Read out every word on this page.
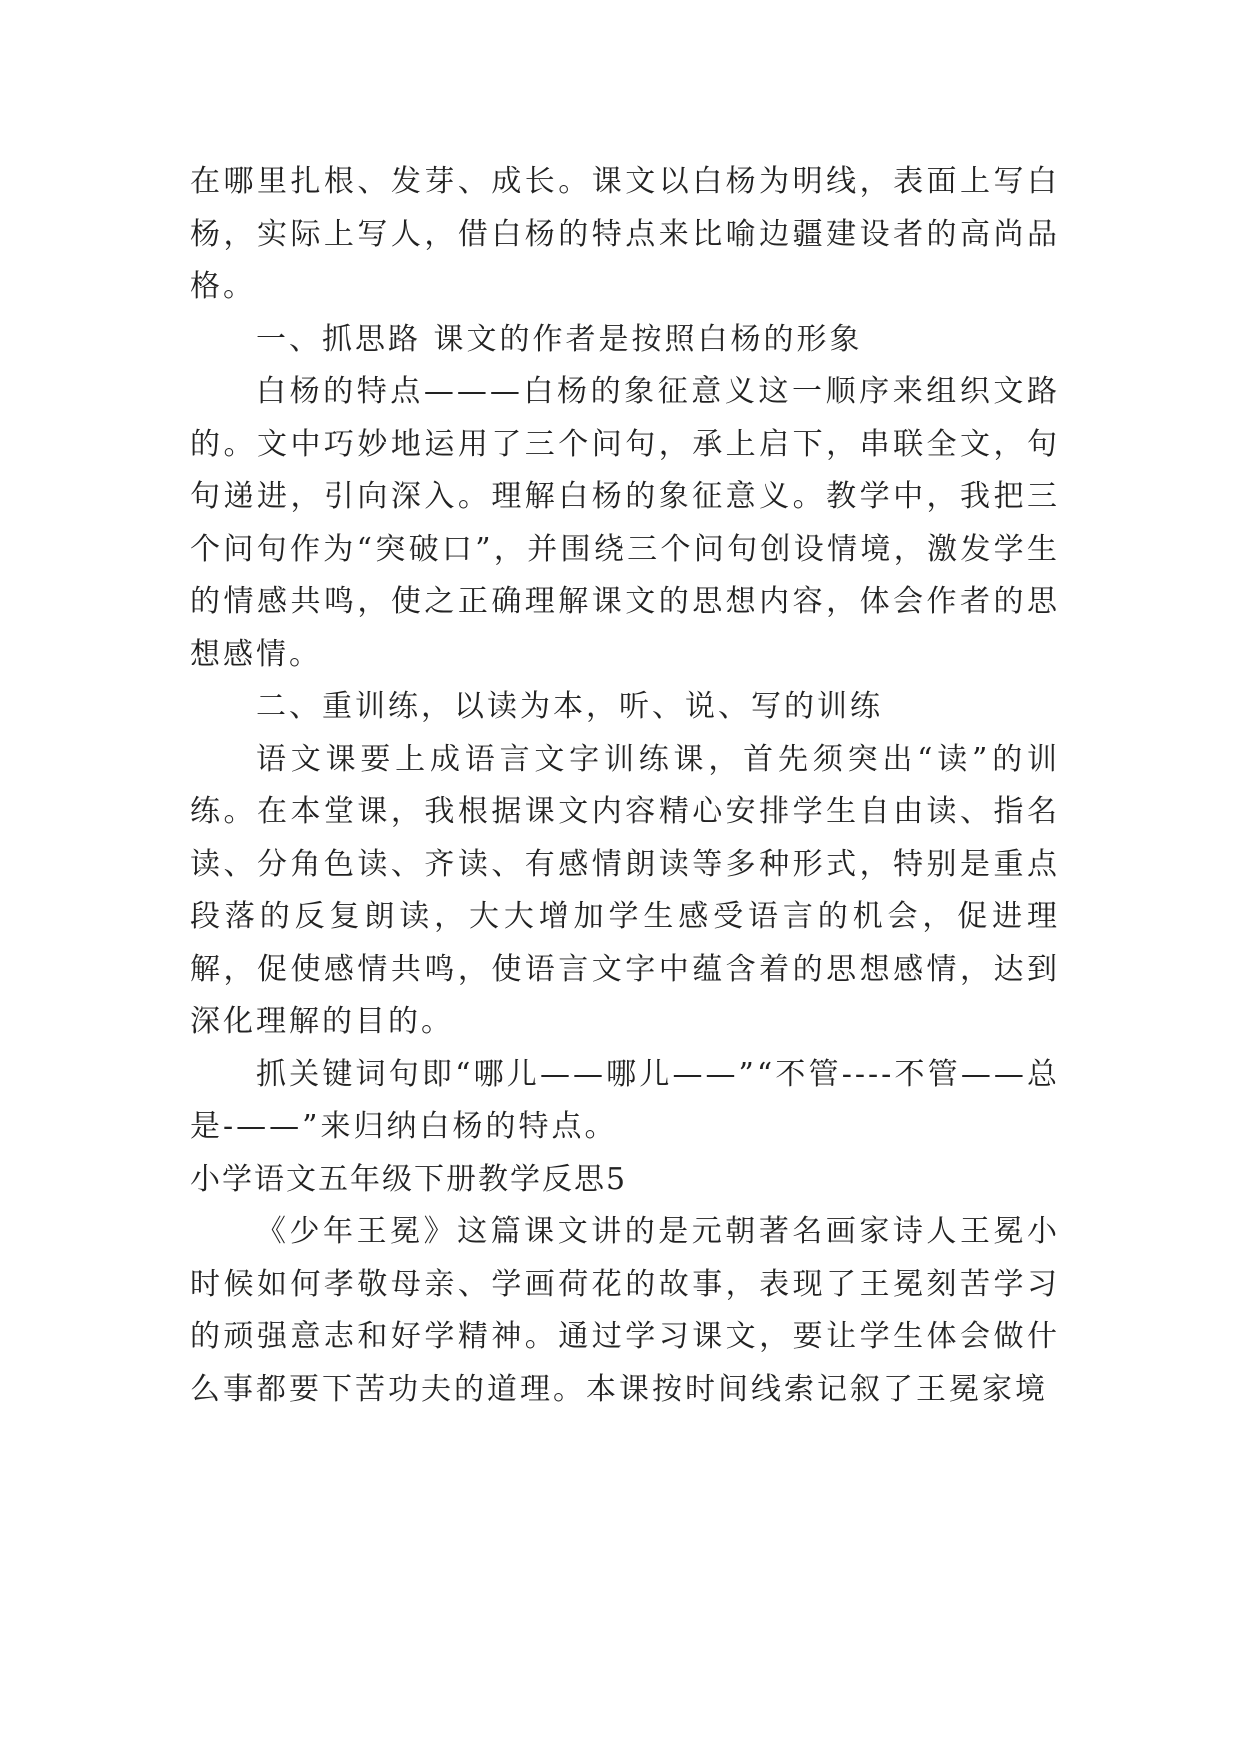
在哪里扎根、发芽、成长。课文以白杨为明线，表面上写白杨，实际上写人，借白杨的特点来比喻边疆建设者的高尚品格。

一、抓思路 课文的作者是按照白杨的形象

白杨的特点———白杨的象征意义这一顺序来组织文路的。文中巧妙地运用了三个问句，承上启下，串联全文，句句递进，引向深入。理解白杨的象征意义。教学中，我把三个问句作为“突破口”，并围绕三个问句创设情境，激发学生的情感共鸣，使之正确理解课文的思想内容，体会作者的思想感情。

二、重训练，以读为本，听、说、写的训练

语文课要上成语言文字训练课，首先须突出“读”的训练。在本堂课，我根据课文内容精心安排学生自由读、指名读、分角色读、齐读、有感情朗读等多种形式，特别是重点段落的反复朗读，大大增加学生感受语言的机会，促进理解，促使感情共鸣，使语言文字中蕴含着的思想感情，达到深化理解的目的。

抓关键词句即“哪儿——哪儿——”“不管----不管——总是-——”来归纳白杨的特点。

小学语文五年级下册教学反思5

《少年王冕》这篇课文讲的是元朝著名画家诗人王冕小时候如何孝敬母亲、学画荷花的故事，表现了王冕刻苦学习的顽强意志和好学精神。通过学习课文，要让学生体会做什么事都要下苦功夫的道理。本课按时间线索记叙了王冕家境
